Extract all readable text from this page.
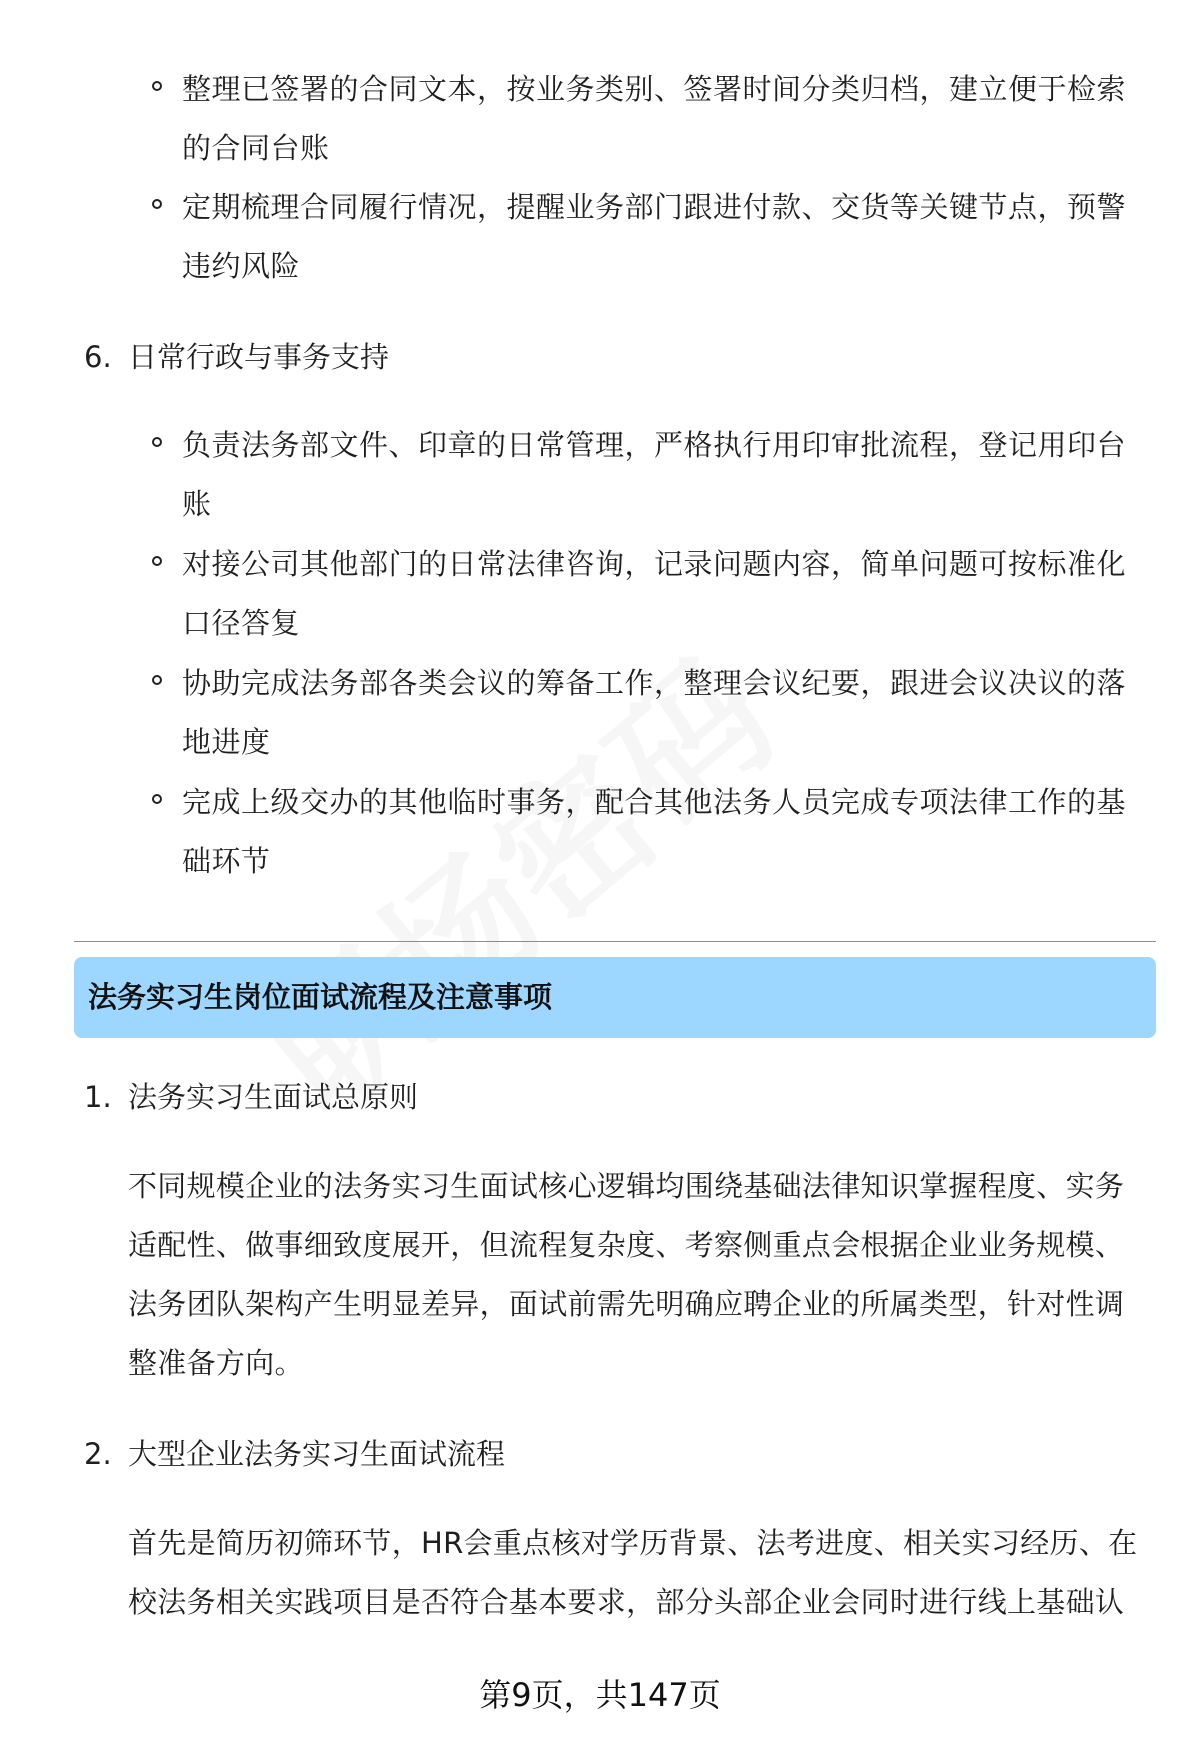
整理已签署的合同文本，按业务类别、签署时间分类归档，建立便于检索的合同台账
定期梳理合同履行情况，提醒业务部门跟进付款、交货等关键节点，预警违约风险
6. 日常行政与事务支持
负责法务部文件、印章的日常管理，严格执行用印审批流程，登记用印台账
对接公司其他部门的日常法律咨询，记录问题内容，简单问题可按标准化口径答复
协助完成法务部各类会议的筹备工作，整理会议纪要，跟进会议决议的落地进度
完成上级交办的其他临时事务，配合其他法务人员完成专项法律工作的基础环节
法务实习生岗位面试流程及注意事项
1. 法务实习生面试总原则
不同规模企业的法务实习生面试核心逻辑均围绕基础法律知识掌握程度、实务适配性、做事细致度展开，但流程复杂度、考察侧重点会根据企业业务规模、法务团队架构产生明显差异，面试前需先明确应聘企业的所属类型，针对性调整准备方向。
2. 大型企业法务实习生面试流程
首先是简历初筛环节，HR会重点核对学历背景、法考进度、相关实习经历、在校法务相关实践项目是否符合基本要求，部分头部企业会同时进行线上基础认
第9页，共147页
